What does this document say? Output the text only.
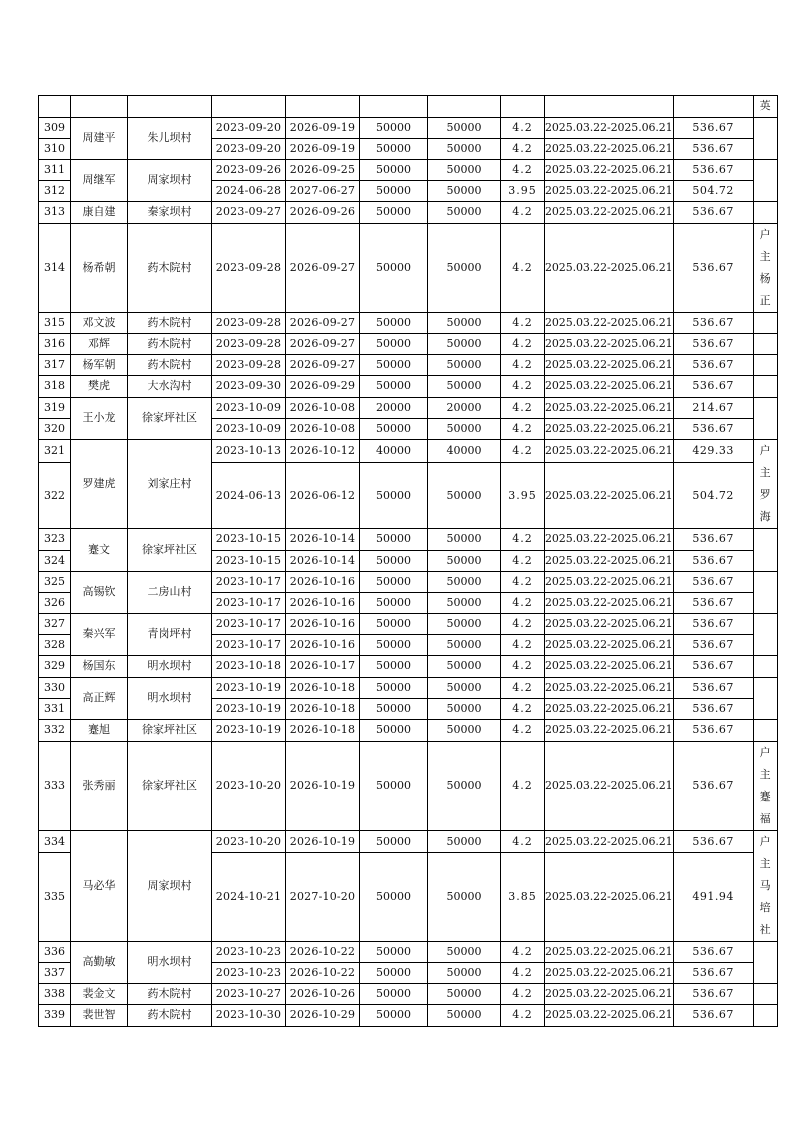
										英
309	周建平	朱儿坝村	2023-09-20	2026-09-19	50000	50000	4.2	2025.03.22-2025.06.21	536.67	
310			2023-09-20	2026-09-19	50000	50000	4.2	2025.03.22-2025.06.21	536.67	
311	周继军	周家坝村	2023-09-26	2026-09-25	50000	50000	4.2	2025.03.22-2025.06.21	536.67	
312			2024-06-28	2027-06-27	50000	50000	3.95	2025.03.22-2025.06.21	504.72	
313	康自建	秦家坝村	2023-09-27	2026-09-26	50000	50000	4.2	2025.03.22-2025.06.21	536.67	
314	杨希朝	药木院村	2023-09-28	2026-09-27	50000	50000	4.2	2025.03.22-2025.06.21	536.67	户
主
杨
正

315	邓文波	药木院村	2023-09-28	2026-09-27	50000	50000	4.2	2025.03.22-2025.06.21	536.67	
316	邓辉	药木院村	2023-09-28	2026-09-27	50000	50000	4.2	2025.03.22-2025.06.21	536.67	
317	杨军朝	药木院村	2023-09-28	2026-09-27	50000	50000	4.2	2025.03.22-2025.06.21	536.67	
318	樊虎	大水沟村	2023-09-30	2026-09-29	50000	50000	4.2	2025.03.22-2025.06.21	536.67	
319	王小龙	徐家坪社区	2023-10-09	2026-10-08	20000	20000	4.2	2025.03.22-2025.06.21	214.67	
320			2023-10-09	2026-10-08	50000	50000	4.2	2025.03.22-2025.06.21	536.67	
321	罗建虎	刘家庄村	2023-10-13	2026-10-12	40000	40000	4.2	2025.03.22-2025.06.21	429.33	户
主
罗
海

322			2024-06-13	2026-06-12	50000	50000	3.95	2025.03.22-2025.06.21	504.72	
323	蹇文	徐家坪社区	2023-10-15	2026-10-14	50000	50000	4.2	2025.03.22-2025.06.21	536.67	
324			2023-10-15	2026-10-14	50000	50000	4.2	2025.03.22-2025.06.21	536.67	
325	高锡钦	二房山村	2023-10-17	2026-10-16	50000	50000	4.2	2025.03.22-2025.06.21	536.67	
326			2023-10-17	2026-10-16	50000	50000	4.2	2025.03.22-2025.06.21	536.67	
327	秦兴军	青岗坪村	2023-10-17	2026-10-16	50000	50000	4.2	2025.03.22-2025.06.21	536.67	
328			2023-10-17	2026-10-16	50000	50000	4.2	2025.03.22-2025.06.21	536.67	
329	杨国东	明水坝村	2023-10-18	2026-10-17	50000	50000	4.2	2025.03.22-2025.06.21	536.67	
330	高正辉	明水坝村	2023-10-19	2026-10-18	50000	50000	4.2	2025.03.22-2025.06.21	536.67	
331			2023-10-19	2026-10-18	50000	50000	4.2	2025.03.22-2025.06.21	536.67	
332	蹇旭	徐家坪社区	2023-10-19	2026-10-18	50000	50000	4.2	2025.03.22-2025.06.21	536.67	
333	张秀丽	徐家坪社区	2023-10-20	2026-10-19	50000	50000	4.2	2025.03.22-2025.06.21	536.67	户
主
蹇
福

334	马必华	周家坝村	2023-10-20	2026-10-19	50000	50000	4.2	2025.03.22-2025.06.21	536.67	户
主
马
培
社

335			2024-10-21	2027-10-20	50000	50000	3.85	2025.03.22-2025.06.21	491.94	
336	高勤敏	明水坝村	2023-10-23	2026-10-22	50000	50000	4.2	2025.03.22-2025.06.21	536.67	
337			2023-10-23	2026-10-22	50000	50000	4.2	2025.03.22-2025.06.21	536.67	
338	裴金文	药木院村	2023-10-27	2026-10-26	50000	50000	4.2	2025.03.22-2025.06.21	536.67	
339	裴世智	药木院村	2023-10-30	2026-10-29	50000	50000	4.2	2025.03.22-2025.06.21	536.67	
